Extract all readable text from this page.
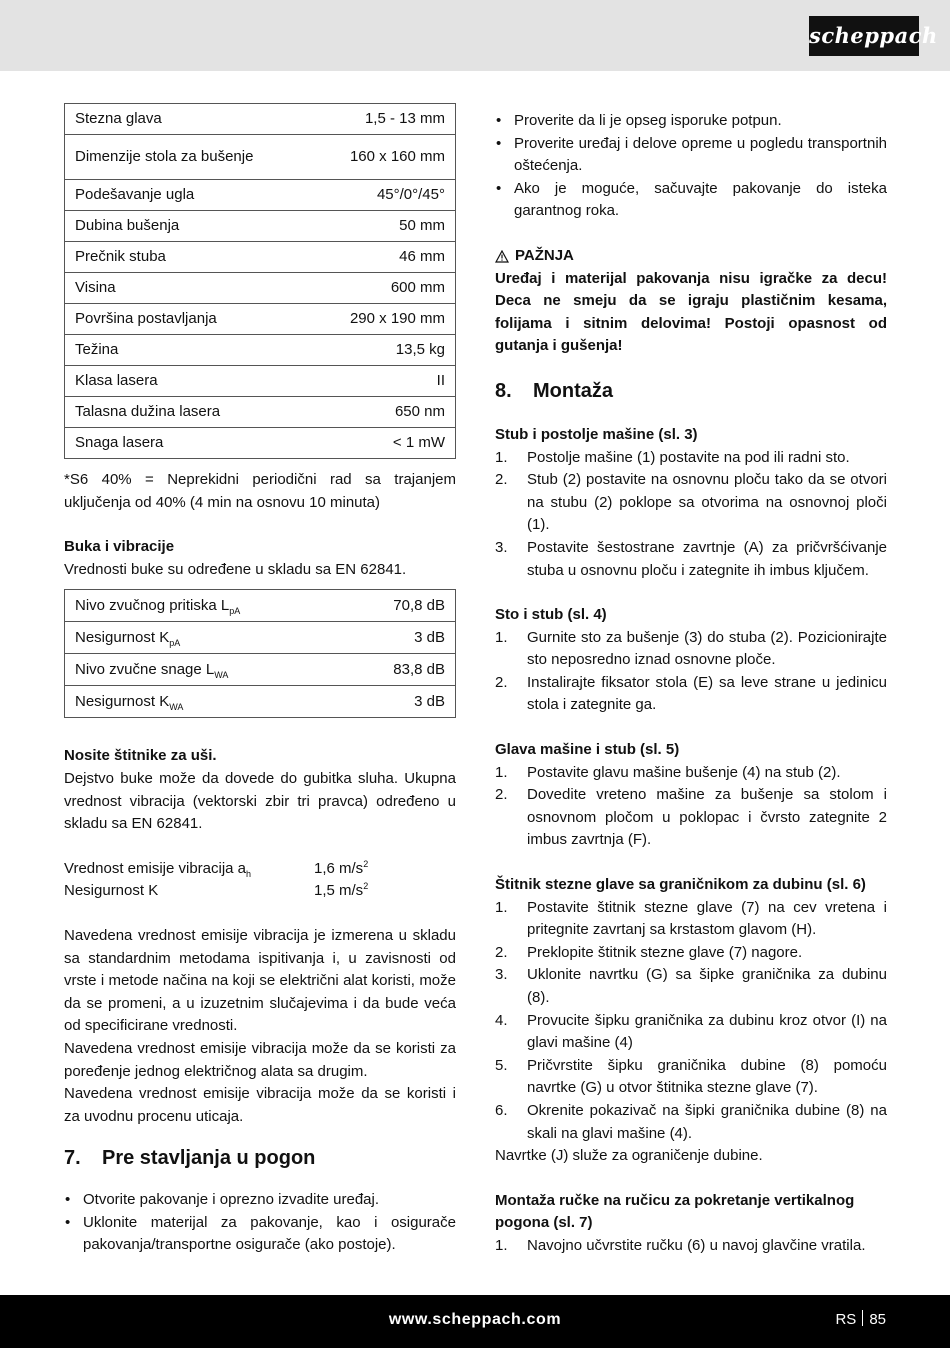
scheppach
Stezna glava	1,5 - 13 mm
Dimenzije stola za bušenje	160 x 160 mm
Podešavanje ugla	45°/0°/45°
Dubina bušenja	50 mm
Prečnik stuba	46 mm
Visina	600 mm
Površina postavljanja	290 x 190 mm
Težina	13,5 kg
Klasa lasera	II
Talasna dužina lasera	650 nm
Snaga lasera	< 1 mW

*S6 40% = Neprekidni periodični rad sa trajanjem uključenja od 40% (4 min na osnovu 10 minuta)

Buka i vibracije

Vrednosti buke su određene u skladu sa EN 62841.

Nivo zvučnog pritiska $L_{pA}$	70,8 dB
Nesigurnost $K_{pA}$	3 dB
Nivo zvučne snage $L_{WA}$	83,8 dB
Nesigurnost $K_{WA}$	3 dB

Nosite štitnike za uši.

Dejstvo buke može da dovede do gubitka sluha. Ukupna vrednost vibracija (vektorski zbir tri pravca) određeno u skladu sa EN 62841.

Vrednost emisije vibracija $a_h$	1,6 $m/s^2$
Nesigurnost K	1,5 $m/s^2$

Navedena vrednost emisije vibracija je izmerena u skladu sa standardnim metodama ispitivanja i, u zavisnosti od vrste i metode načina na koji se električni alat koristi, može da se promeni, a u izuzetnim slučajevima i da bude veća od specificirane vrednosti.

Navedena vrednost emisije vibracija može da se koristi za poređenje jednog električnog alata sa drugim.

Navedena vrednost emisije vibracija može da se koristi i za uvodnu procenu uticaja.

7.	Pre stavljanja u pogon
• Otvorite pakovanje i oprezno izvadite uređaj.
• Uklonite materijal za pakovanje, kao i osigurače pakovanja/transportne osigurače (ako postoje).
• Proverite da li je opseg isporuke potpun.
• Proverite uređaj i delove opreme u pogledu transportnih oštećenja.
• Ako je moguće, sačuvajte pakovanje do isteka garantnog roka.
PAŽNJA

Uređaj i materijal pakovanja nisu igračke za decu! Deca ne smeju da se igraju plastičnim kesama, folijama i sitnim delovima! Postoji opasnost od gutanja i gušenja!

8.	Montaža

Stub i postolje mašine (sl. 3)

1. Postolje mašine (1) postavite na pod ili radni sto.
2. Stub (2) postavite na osnovnu ploču tako da se otvori na stubu (2) poklope sa otvorima na osnovnoj ploči (1).
3. Postavite šestostrane zavrtnje (A) za pričvršćivanje stuba u osnovnu ploču i zategnite ih imbus ključem.

Sto i stub (sl. 4)

1. Gurnite sto za bušenje (3) do stuba (2). Pozicionirajte sto neposredno iznad osnovne ploče.
2. Instalirajte fiksator stola (E) sa leve strane u jedinicu stola i zategnite ga.

Glava mašine i stub (sl. 5)

1. Postavite glavu mašine bušenje (4) na stub (2).
2. Dovedite vreteno mašine za bušenje sa stolom i osnovnom pločom u poklopac i čvrsto zategnite 2 imbus zavrtnja (F).

Štitnik stezne glave sa graničnikom za dubinu (sl. 6)

1. Postavite štitnik stezne glave (7) na cev vretena i pritegnite zavrtanj sa krstastom glavom (H).
2. Preklopite štitnik stezne glave (7) nagore.
3. Uklonite navrtku (G) sa šipke graničnika za dubinu (8).
4. Provucite šipku graničnika za dubinu kroz otvor (I) na glavi mašine (4)
5. Pričvrstite šipku graničnika dubine (8) pomoću navrtke (G) u otvor štitnika stezne glave (7).
6. Okrenite pokazivač na šipki graničnika dubine (8) na skali na glavi mašine (4).

Navrtke (J) služe za ograničenje dubine.

Montaža ručke na ručicu za pokretanje vertikalnog pogona (sl. 7)

1. Navojno učvrstite ručku (6) u navoj glavčine vratila.
www.scheppach.com	RS 85
